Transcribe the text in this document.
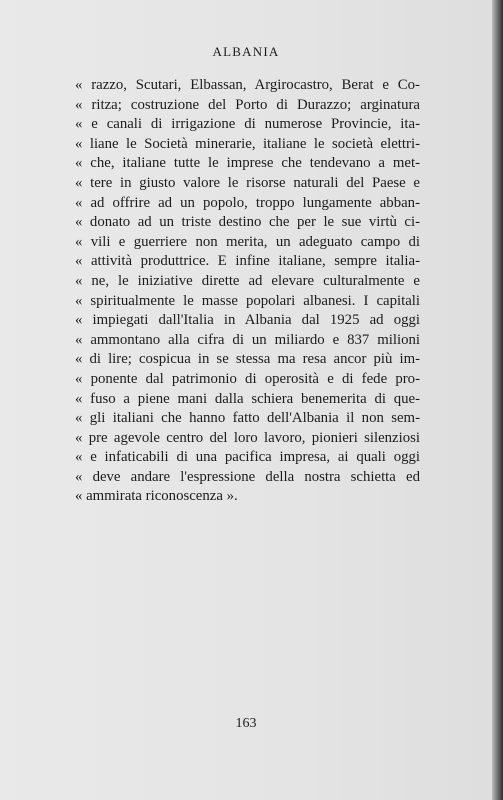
ALBANIA

« razzo, Scutari, Elbassan, Argirocastro, Berat e Co-
« ritza; costruzione del Porto di Durazzo; arginatura
« e canali di irrigazione di numerose Provincie, ita-
« liane le Società minerarie, italiane le società elettri-
« che, italiane tutte le imprese che tendevano a met-
« tere in giusto valore le risorse naturali del Paese e
« ad offrire ad un popolo, troppo lungamente abban-
« donato ad un triste destino che per le sue virtù ci-
« vili e guerriere non merita, un adeguato campo di
« attività produttrice. E infine italiane, sempre italia-
« ne, le iniziative dirette ad elevare culturalmente e
« spiritualmente le masse popolari albanesi. I capitali
« impiegati dall'Italia in Albania dal 1925 ad oggi
« ammontano alla cifra di un miliardo e 837 milioni
« di lire; cospicua in se stessa ma resa ancor più im-
« ponente dal patrimonio di operosità e di fede pro-
« fuso a piene mani dalla schiera benemerita di que-
« gli italiani che hanno fatto dell'Albania il non sem-
« pre agevole centro del loro lavoro, pionieri silenziosi
« e infaticabili di una pacifica impresa, ai quali oggi
« deve andare l'espressione della nostra schietta ed
« ammirata riconoscenza ».

163
